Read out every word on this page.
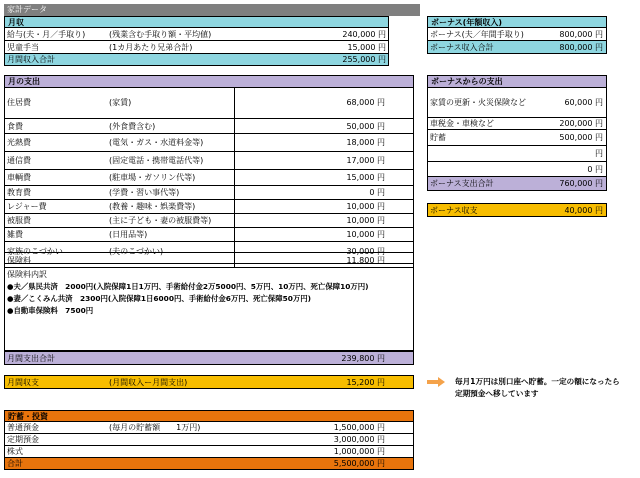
家計データ
月収
給与(夫・月／手取り)	(残業含む手取り額・平均値)	240,000 円
児童手当	(1カ月あたり兄弟合計)	15,000 円
月間収入合計	255,000 円
ボーナス(年額収入)
ボーナス(夫／年間手取り)	800,000 円
ボーナス収入合計	800,000 円
月の支出
住居費	(家賃)	68,000 円
食費	(外食費含む)	50,000 円
光熱費	(電気・ガス・水道料金等)	18,000 円
通信費	(固定電話・携帯電話代等)	17,000 円
車輌費	(駐車場・ガソリン代等)	15,000 円
教育費	(学費・習い事代等)	0 円
レジャー費	(教養・趣味・娯楽費等)	10,000 円
被服費	(主に子ども・妻の被服費等)	10,000 円
雑費	(日用品等)	10,000 円
家族のこづかい	(夫のこづかい)	30,000 円
保険料	11,800 円
保険料内訳
●夫／県民共済　2000円(入院保障1日1万円、手術給付金2万5000円、5万円、10万円、死亡保障10万円)
●妻／こくみん共済　2300円(入院保障1日6000円、手術給付金6万円、死亡保障50万円)
●自動車保険料　7500円
月間支出合計	239,800 円
ボーナスからの支出
家賃の更新・火災保険など	60,000 円
車税金・車検など	200,000 円
貯蓄	500,000 円
円
0 円
ボーナス支出合計	760,000 円
ボーナス収支	40,000 円
月間収支	(月間収入ー月間支出)	15,200 円	毎月1万円は別口座へ貯蓄。一定の額になったら
定期預金へ移しています
貯蓄・投資
普通預金	(毎月の貯蓄額　　1万円)	1,500,000 円
定期預金	3,000,000 円
株式	1,000,000 円
合計	5,500,000 円
